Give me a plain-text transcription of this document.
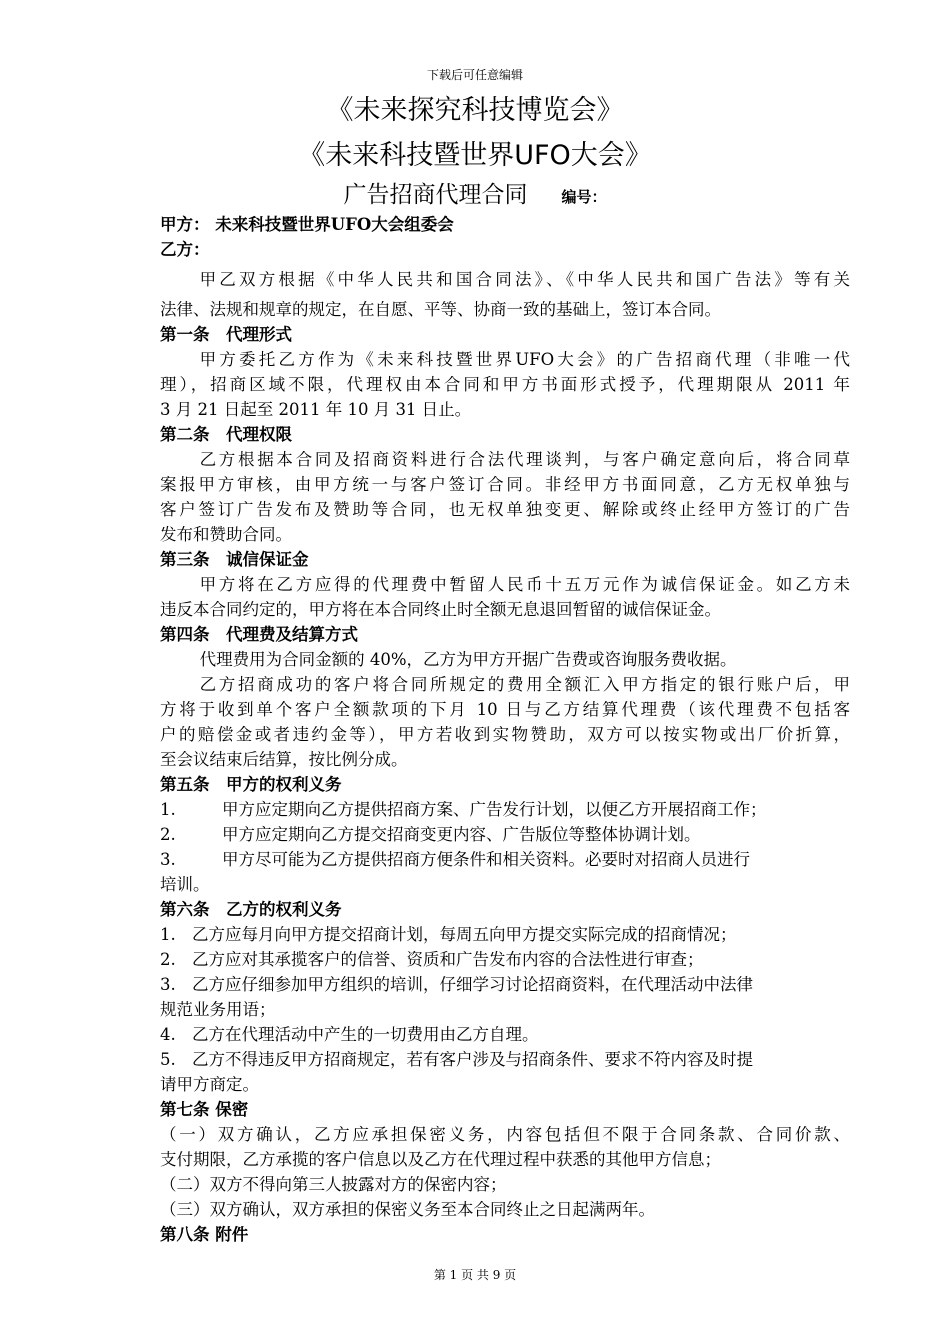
下载后可任意编辑
《未来探究科技博览会》
《未来科技暨世界UFO大会》
广告招商代理合同 编号：
甲方： 未来科技暨世界UFO大会组委会
乙方：
甲乙双方根据《中华人民共和国合同法》、《中华人民共和国广告法》等有关
法律、法规和规章的规定，在自愿、平等、协商一致的基础上，签订本合同。
第一条　代理形式
甲方委托乙方作为《未来科技暨世界UFO大会》的广告招商代理（非唯一代
理），招商区域不限，代理权由本合同和甲方书面形式授予，代理期限从 2011 年
3 月 21 日起至 2011 年 10 月 31 日止。
第二条　代理权限
乙方根据本合同及招商资料进行合法代理谈判，与客户确定意向后，将合同草
案报甲方审核，由甲方统一与客户签订合同。非经甲方书面同意，乙方无权单独与
客户签订广告发布及赞助等合同，也无权单独变更、解除或终止经甲方签订的广告
发布和赞助合同。
第三条　诚信保证金
甲方将在乙方应得的代理费中暂留人民币十五万元作为诚信保证金。如乙方未
违反本合同约定的，甲方将在本合同终止时全额无息退回暂留的诚信保证金。
第四条　代理费及结算方式
代理费用为合同金额的 40%，乙方为甲方开据广告费或咨询服务费收据。
乙方招商成功的客户将合同所规定的费用全额汇入甲方指定的银行账户后，甲
方将于收到单个客户全额款项的下月 10 日与乙方结算代理费（该代理费不包括客
户的赔偿金或者违约金等），甲方若收到实物赞助，双方可以按实物或出厂价折算，
至会议结束后结算，按比例分成。
第五条　甲方的权利义务
1.	甲方应定期向乙方提供招商方案、广告发行计划，以便乙方开展招商工作；
2.	甲方应定期向乙方提交招商变更内容、广告版位等整体协调计划。
3.	甲方尽可能为乙方提供招商方便条件和相关资料。必要时对招商人员进行
培训。
第六条　乙方的权利义务
1. 乙方应每月向甲方提交招商计划，每周五向甲方提交实际完成的招商情况；
2. 乙方应对其承揽客户的信誉、资质和广告发布内容的合法性进行审查；
3. 乙方应仔细参加甲方组织的培训，仔细学习讨论招商资料，在代理活动中法律
规范业务用语；
4. 乙方在代理活动中产生的一切费用由乙方自理。
5. 乙方不得违反甲方招商规定，若有客户涉及与招商条件、要求不符内容及时提
请甲方商定。
第七条 保密
（一）双方确认，乙方应承担保密义务，内容包括但不限于合同条款、合同价款、
支付期限，乙方承揽的客户信息以及乙方在代理过程中获悉的其他甲方信息；
（二）双方不得向第三人披露对方的保密内容；
（三）双方确认，双方承担的保密义务至本合同终止之日起满两年。
第八条 附件
第 1 页 共 9 页
